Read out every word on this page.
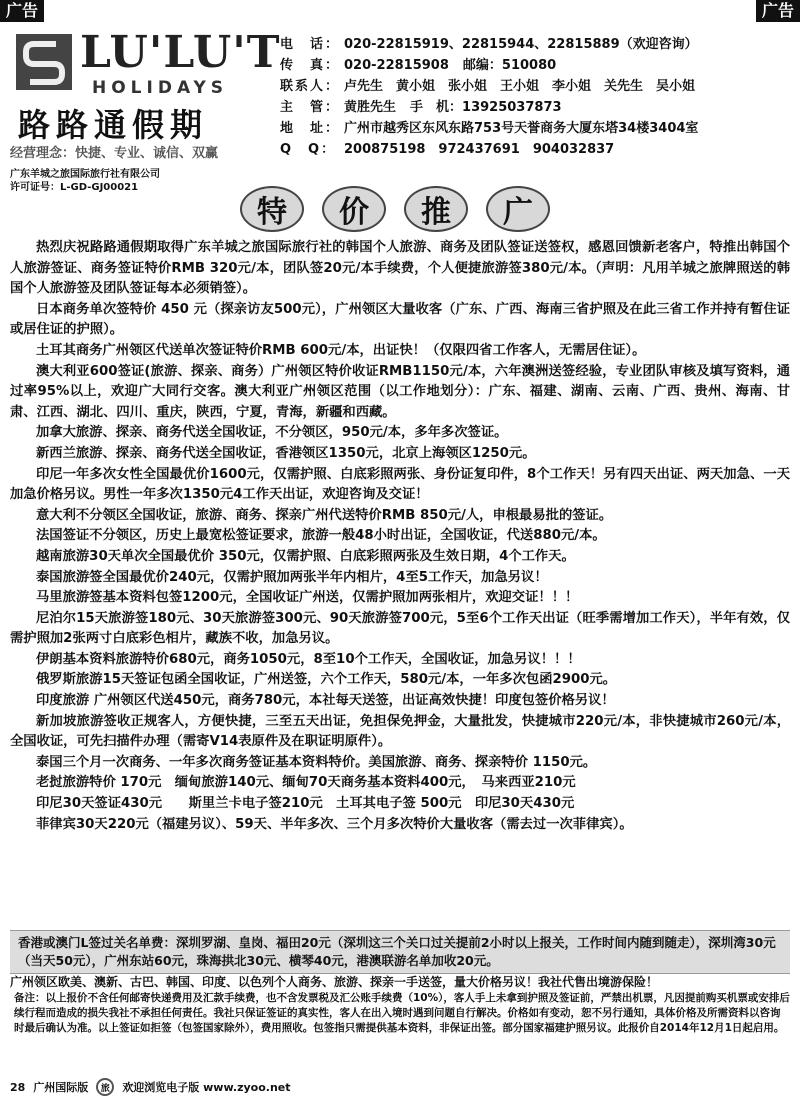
广告	广告
LU'LU'T
HOLIDAYS
路路通假期
经营理念：快捷、专业、诚信、双赢
电　话： 020-22815919、22815944、22815889（欢迎咨询）
传　真： 020-22815908 邮编：510080
联系人： 卢先生　黄小姐　张小姐　王小姐　李小姐　关先生　吴小姐
主　管： 黄胜先生 手　机：13925037873
地　址： 广州市越秀区东风东路753号天誉商务大厦东塔34楼3404室
Q　Q： 200875198　972437691　904032837
广东羊城之旅国际旅行社有限公司
许可证号：L-GD-GJ00021
特	价	推	广

热烈庆祝路路通假期取得广东羊城之旅国际旅行社的韩国个人旅游、商务及团队签证送签权，感恩回馈新老客户，特推出韩国个人旅游签证、商务签证特价RMB 320元/本，团队签20元/本手续费，个人便捷旅游签380元/本。（声明：凡用羊城之旅牌照送的韩国个人旅游签及团队签证每本必须销签）。

日本商务单次签特价 450 元（探亲访友500元），广州领区大量收客（广东、广西、海南三省护照及在此三省工作并持有暂住证或居住证的护照）。

土耳其商务广州领区代送单次签证特价RMB 600元/本，出证快！（仅限四省工作客人，无需居住证）。

澳大利亚600签证(旅游、探亲、商务）广州领区特价收证RMB1150元/本，六年澳洲送签经验，专业团队审核及填写资料，通过率95%以上，欢迎广大同行交客。澳大利亚广州领区范围（以工作地划分）：广东、福建、湖南、云南、广西、贵州、海南、甘肃、江西、湖北、四川、重庆，陕西，宁夏，青海，新疆和西藏。

加拿大旅游、探亲、商务代送全国收证，不分领区，950元/本，多年多次签证。

新西兰旅游、探亲、商务代送全国收证，香港领区1350元，北京上海领区1250元。

印尼一年多次女性全国最优价1600元，仅需护照、白底彩照两张、身份证复印件，8个工作天！另有四天出证、两天加急、一天加急价格另议。男性一年多次1350元4工作天出证，欢迎咨询及交证！

意大利不分领区全国收证，旅游、商务、探亲广州代送特价RMB 850元/人，申根最易批的签证。

法国签证不分领区，历史上最宽松签证要求，旅游一般48小时出证，全国收证，代送880元/本。

越南旅游30天单次全国最优价 350元，仅需护照、白底彩照两张及生效日期，4个工作天。

泰国旅游签全国最优价240元，仅需护照加两张半年内相片，4至5工作天，加急另议！

马里旅游签基本资料包签1200元，全国收证广州送，仅需护照加两张相片，欢迎交证！！！

尼泊尔15天旅游签180元、30天旅游签300元、90天旅游签700元，5至6个工作天出证（旺季需增加工作天），半年有效，仅需护照加2张两寸白底彩色相片，藏族不收，加急另议。

伊朗基本资料旅游特价680元，商务1050元，8至10个工作天，全国收证，加急另议！！！

俄罗斯旅游15天签证包函全国收证，广州送签，六个工作天，580元/本，一年多次包函2900元。

印度旅游 广州领区代送450元，商务780元，本社每天送签，出证高效快捷！印度包签价格另议！

新加坡旅游签收正规客人，方便快捷，三至五天出证，免担保免押金，大量批发，快捷城市220元/本，非快捷城市260元/本，全国收证，可先扫描件办理（需寄V14表原件及在职证明原件）。

泰国三个月一次商务、一年多次商务签证基本资料特价。美国旅游、商务、探亲特价 1150元。

老挝旅游特价 170元　缅甸旅游140元、缅甸70天商务基本资料400元，　马来西亚210元

印尼30天签证430元　　斯里兰卡电子签210元　土耳其电子签 500元　印尼30天430元

菲律宾30天220元（福建另议）、59天、半年多次、三个月多次特价大量收客（需去过一次菲律宾）。

香港或澳门L签过关名单费：深圳罗湖、皇岗、福田20元（深圳这三个关口过关提前2小时以上报关，工作时间内随到随走），深圳湾30元（当天50元），广州东站60元，珠海拱北30元、横琴40元，港澳联游名单加收20元。
广州领区欧美、澳新、古巴、韩国、印度、以色列个人商务、旅游、探亲一手送签，量大价格另议！我社代售出境游保险！
备注：以上报价不含任何邮寄快递费用及汇款手续费，也不含发票税及汇公账手续费（10%），客人手上未拿到护照及签证前，严禁出机票，凡因提前购买机票或安排后续行程而造成的损失我社不承担任何责任。我社只保证签证的真实性，客人在出入境时遇到问题自行解决。价格如有变动，恕不另行通知，具体价格及所需资料以咨询时最后确认为准。以上签证如拒签（包签国家除外），费用照收。包签指只需提供基本资料，非保证出签。部分国家福建护照另议。此报价自2014年12月1日起启用。
28 广州国际版	旅	欢迎浏览电子版 www.zyoo.net
